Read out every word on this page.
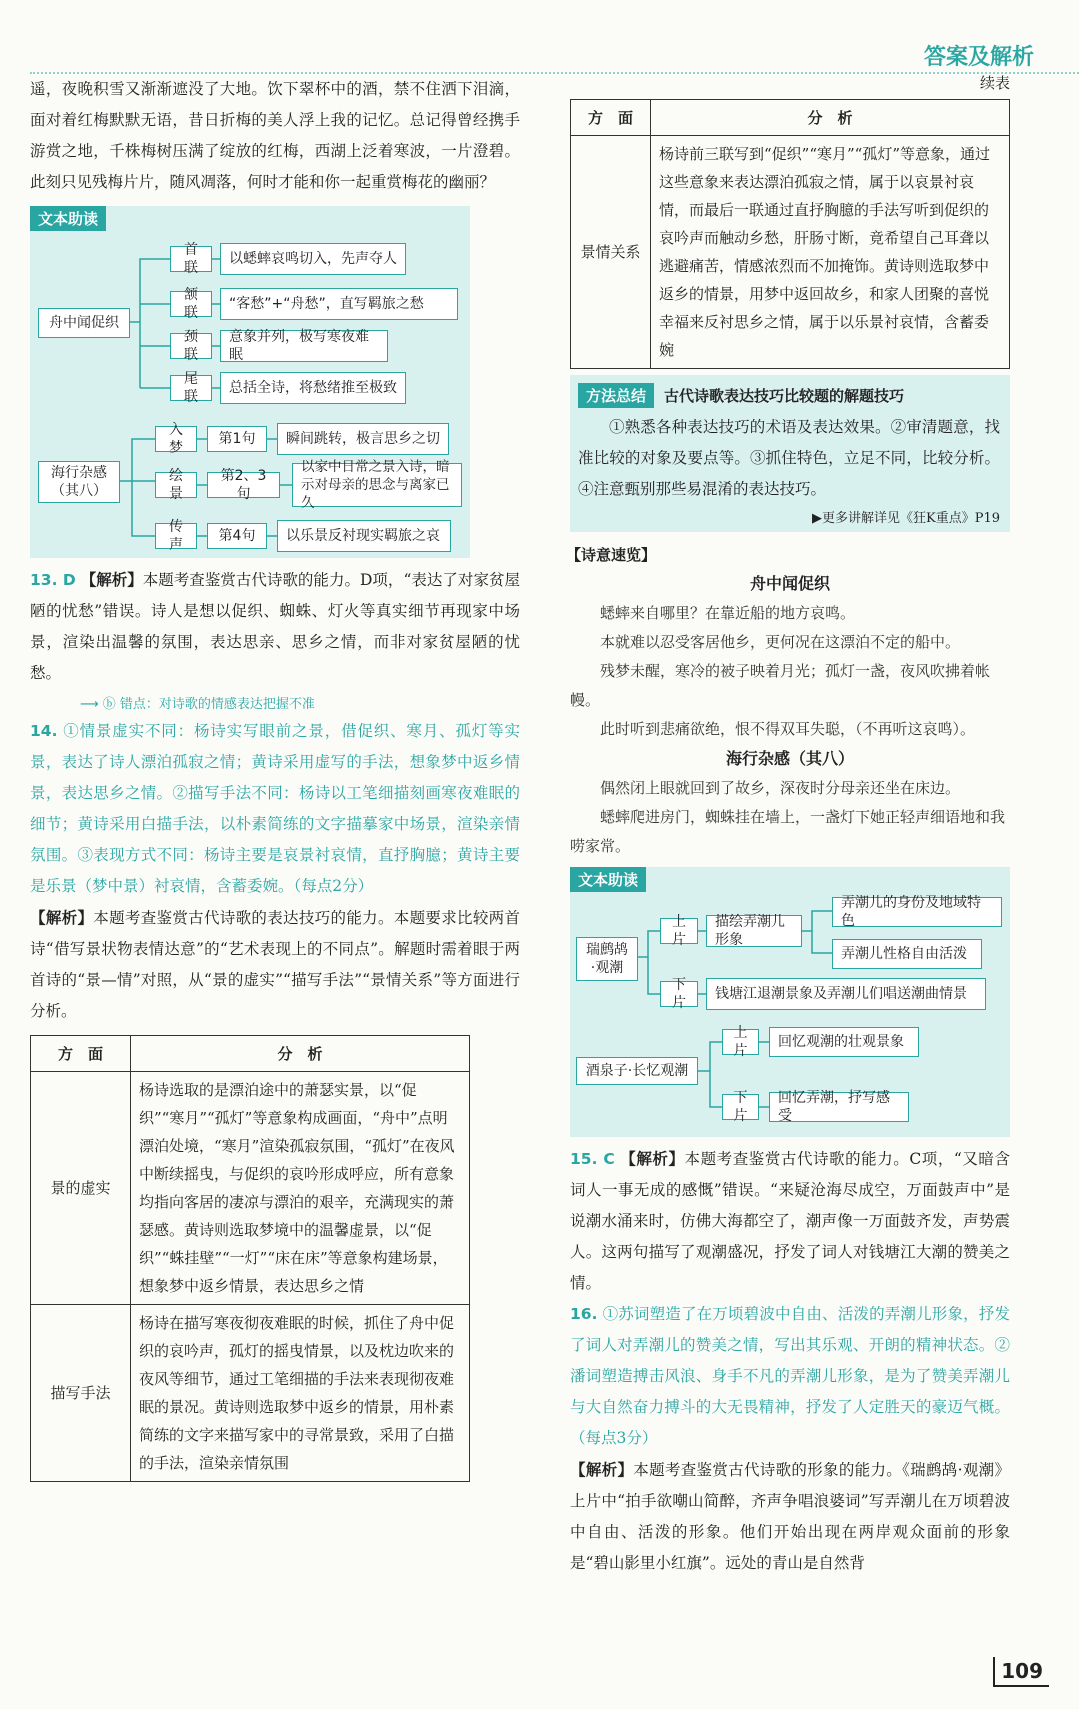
答案及解析

遥，夜晚积雪又渐渐遮没了大地。饮下翠杯中的酒，禁不住洒下泪滴，面对着红梅默默无语，昔日折梅的美人浮上我的记忆。总记得曾经携手游赏之地，千株梅树压满了绽放的红梅，西湖上泛着寒波，一片澄碧。此刻只见残梅片片，随风凋落，何时才能和你一起重赏梅花的幽丽？

文本助读
舟中闻促织
首联
以蟋蟀哀鸣切入，先声夺人
颔联
“客愁”+“舟愁”，直写羁旅之愁
颈联
意象并列，极写寒夜难眠
尾联
总括全诗，将愁绪推至极致
海行杂感（其八）
入梦
第1句	瞬间跳转，极言思乡之切
绘景
第2、3句
以家中日常之景入诗，暗示对母亲的思念与离家已久
传声
第4句	以乐景反衬现实羁旅之哀

13. D 【解析】本题考查鉴赏古代诗歌的能力。D项，“表达了对家贫屋陋的忧愁”错误。诗人是想以促织、蜘蛛、灯火等真实细节再现家中场景，渲染出温馨的氛围，表达思亲、思乡之情，而非对家贫屋陋的忧愁。

⟶ ⓑ 错点：对诗歌的情感表达把握不准

14. ①情景虚实不同：杨诗实写眼前之景，借促织、寒月、孤灯等实景，表达了诗人漂泊孤寂之情；黄诗采用虚写的手法，想象梦中返乡情景，表达思乡之情。②描写手法不同：杨诗以工笔细描刻画寒夜难眠的细节；黄诗采用白描手法，以朴素简练的文字描摹家中场景，渲染亲情氛围。③表现方式不同：杨诗主要是哀景衬哀情，直抒胸臆；黄诗主要是乐景（梦中景）衬哀情，含蓄委婉。（每点2分）

【解析】本题考查鉴赏古代诗歌的表达技巧的能力。本题要求比较两首诗“借写景状物表情达意”的“艺术表现上的不同点”。解题时需着眼于两首诗的“景—情”对照，从“景的虚实”“描写手法”“景情关系”等方面进行分析。

方　面	分　析
景的虚实	杨诗选取的是漂泊途中的萧瑟实景，以“促织”“寒月”“孤灯”等意象构成画面，“舟中”点明漂泊处境，“寒月”渲染孤寂氛围，“孤灯”在夜风中断续摇曳，与促织的哀吟形成呼应，所有意象均指向客居的凄凉与漂泊的艰辛，充满现实的萧瑟感。黄诗则选取梦境中的温馨虚景，以“促织”“蛛挂壁”“一灯”“床在床”等意象构建场景，想象梦中返乡情景，表达思乡之情
描写手法	杨诗在描写寒夜彻夜难眠的时候，抓住了舟中促织的哀吟声，孤灯的摇曳情景，以及枕边吹来的夜风等细节，通过工笔细描的手法来表现彻夜难眠的景况。黄诗则选取梦中返乡的情景，用朴素简练的文字来描写家中的寻常景致，采用了白描的手法，渲染亲情氛围
续表
方　面	分　析
景情关系	杨诗前三联写到“促织”“寒月”“孤灯”等意象，通过这些意象来表达漂泊孤寂之情，属于以哀景衬哀情，而最后一联通过直抒胸臆的手法写听到促织的哀吟声而触动乡愁，肝肠寸断，竟希望自己耳聋以逃避痛苦，情感浓烈而不加掩饰。黄诗则选取梦中返乡的情景，用梦中返回故乡，和家人团聚的喜悦幸福来反衬思乡之情，属于以乐景衬哀情，含蓄委婉
方法总结	古代诗歌表达技巧比较题的解题技巧

①熟悉各种表达技巧的术语及表达效果。②审清题意，找准比较的对象及要点等。③抓住特色，立足不同，比较分析。④注意甄别那些易混淆的表达技巧。

▶更多讲解详见《狂K重点》P19
【诗意速览】
舟中闻促织

蟋蟀来自哪里？在靠近船的地方哀鸣。

本就难以忍受客居他乡，更何况在这漂泊不定的船中。

残梦未醒，寒冷的被子映着月光；孤灯一盏，夜风吹拂着帐幔。

此时听到悲痛欲绝，恨不得双耳失聪，（不再听这哀鸣）。

海行杂感（其八）

偶然闭上眼就回到了故乡，深夜时分母亲还坐在床边。

蟋蟀爬进房门，蜘蛛挂在墙上，一盏灯下她正轻声细语地和我唠家常。

文本助读
瑞鹧鸪·观潮
上片
描绘弄潮儿形象
弄潮儿的身份及地域特色
弄潮儿性格自由活泼
下片
钱塘江退潮景象及弄潮儿们唱送潮曲情景
酒泉子·长忆观潮
上片
回忆观潮的壮观景象
下片
回忆弄潮，抒写感受

15. C 【解析】本题考查鉴赏古代诗歌的能力。C项，“又暗含词人一事无成的感慨”错误。“来疑沧海尽成空，万面鼓声中”是说潮水涌来时，仿佛大海都空了，潮声像一万面鼓齐发，声势震人。这两句描写了观潮盛况，抒发了词人对钱塘江大潮的赞美之情。

16. ①苏词塑造了在万顷碧波中自由、活泼的弄潮儿形象，抒发了词人对弄潮儿的赞美之情，写出其乐观、开朗的精神状态。②潘词塑造搏击风浪、身手不凡的弄潮儿形象，是为了赞美弄潮儿与大自然奋力搏斗的大无畏精神，抒发了人定胜天的豪迈气概。（每点3分）

【解析】本题考查鉴赏古代诗歌的形象的能力。《瑞鹧鸪·观潮》上片中“拍手欲嘲山简醉，齐声争唱浪婆词”写弄潮儿在万顷碧波中自由、活泼的形象。他们开始出现在两岸观众面前的形象是“碧山影里小红旗”。远处的青山是自然背

109
